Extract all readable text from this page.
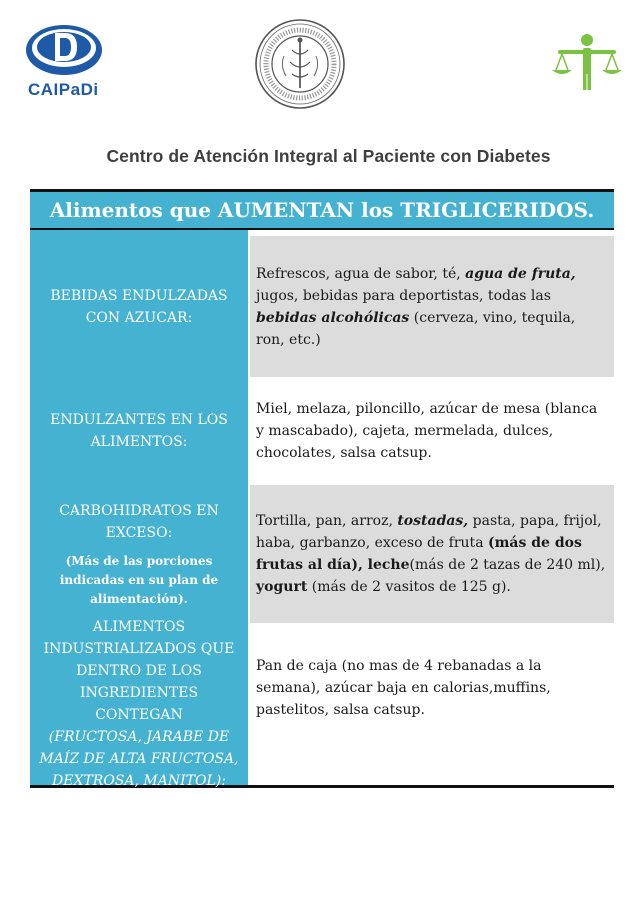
CAIPaDi
Centro de Atención Integral al Paciente con Diabetes
Alimentos que AUMENTAN los TRIGLICERIDOS.
BEBIDAS ENDULZADAS CON AZUCAR:
Refrescos, agua de sabor, té, agua de fruta, jugos, bebidas para deportistas, todas las bebidas alcohólicas (cerveza, vino, tequila, ron, etc.)
ENDULZANTES EN LOS ALIMENTOS:
Miel, melaza, piloncillo, azúcar de mesa (blanca y mascabado), cajeta, mermelada, dulces, chocolates, salsa catsup.
CARBOHIDRATOS EN EXCESO:
(Más de las porciones indicadas en su plan de alimentación).
Tortilla, pan, arroz, tostadas, pasta, papa, frijol, haba, garbanzo, exceso de fruta (más de dos frutas al día), leche(más de 2 tazas de 240 ml), yogurt (más de 2 vasitos de 125 g).
ALIMENTOS INDUSTRIALIZADOS QUE DENTRO DE LOS INGREDIENTES CONTEGAN
(FRUCTOSA, JARABE DE MAÍZ DE ALTA FRUCTOSA, DEXTROSA, MANITOL):
Pan de caja (no mas de 4 rebanadas a la semana), azúcar baja en calorias,muffins, pastelitos, salsa catsup.
